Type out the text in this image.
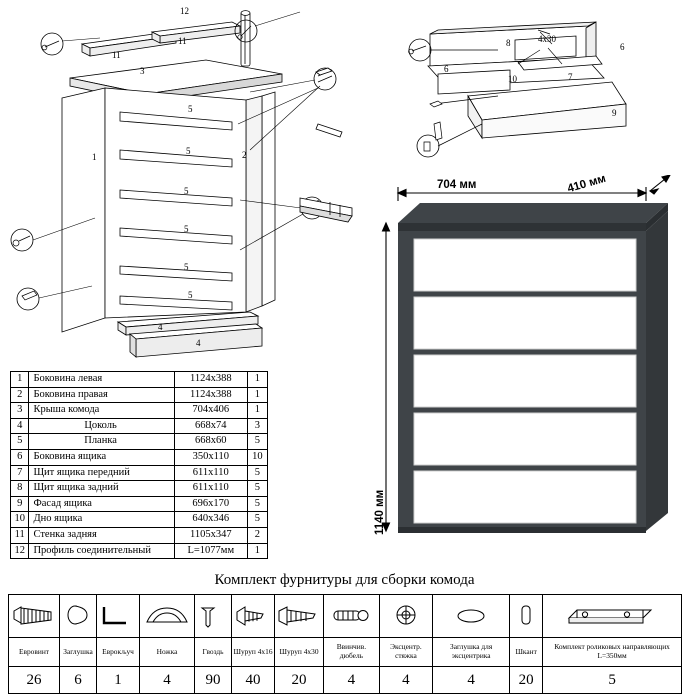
12
11
11
3
5
5
5
5
5
5
1	2
4
4
8	4х30
6
6
10	7
9
704 мм	410 мм
1140 мм
1	Боковина левая	1124х388	1
2	Боковина правая	1124х388	1
3	Крыша комода	704х406	1
4	Цоколь	668х74	3
5	Планка	668х60	5
6	Боковина ящика	350х110	10
7	Щит ящика передний	611х110	5
8	Щит ящика задний	611х110	5
9	Фасад ящика	696х170	5
10	Дно ящика	640х346	5
11	Стенка задняя	1105х347	2
12	Профиль соединительный	L=1077мм	1
Комплект фурнитуры для сборки комода

Евровинт	Заглушка	Еврокључ	Ножка	Гвоздь	Шуруп 4х16	Шуруп 4х30	Ввинчив. дюбель	Эксцентр. стяжка	Заглушка для эксцентрика	Шкант	Комплект роликовых направляющих L=350мм
26	6	1	4	90	40	20	4	4	4	20	5
